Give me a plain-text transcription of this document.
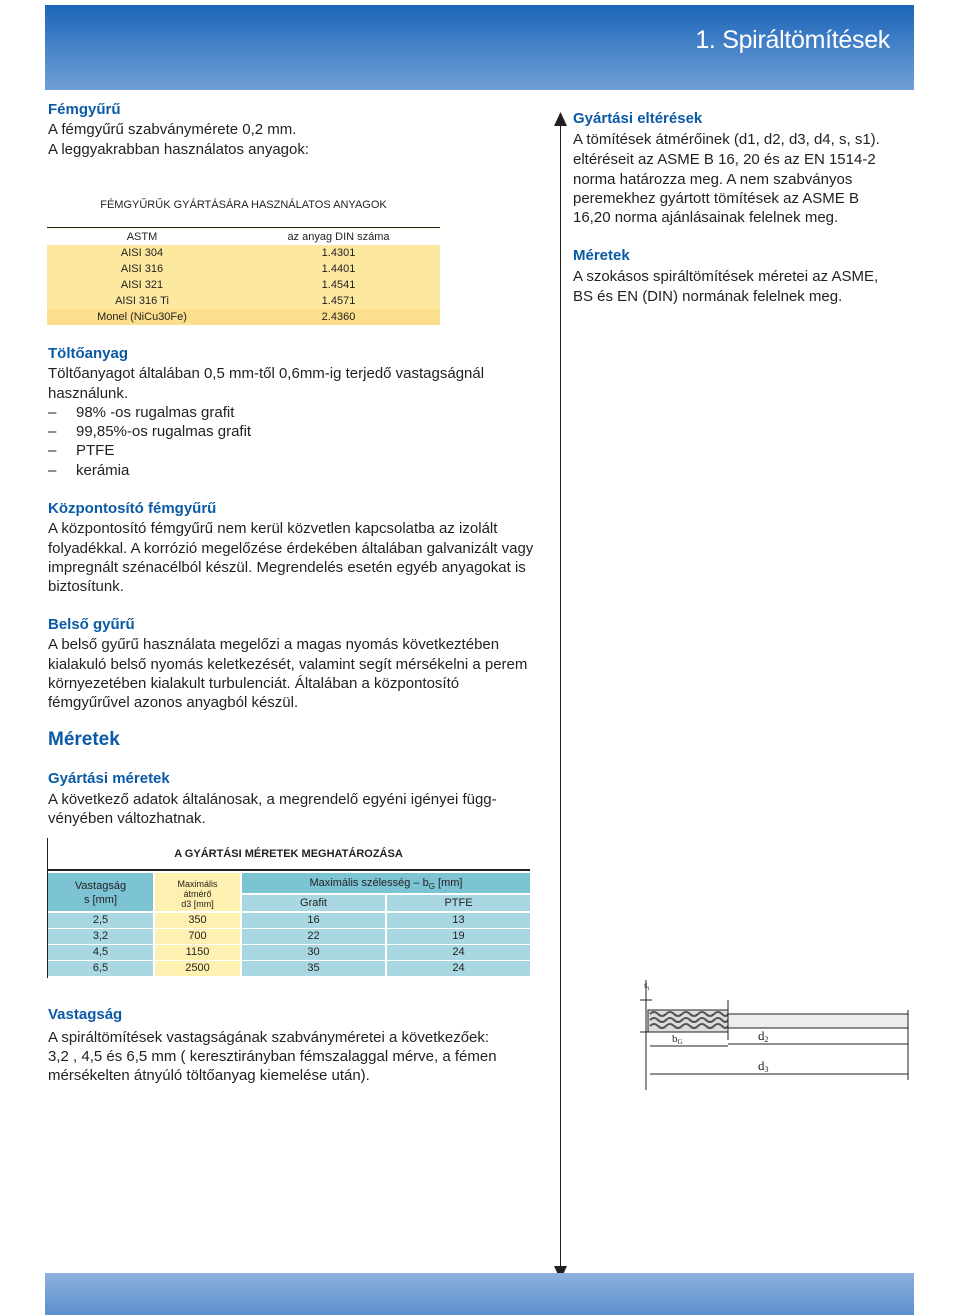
1. Spiráltömítések
Fémgyűrű
A fémgyűrű szabványmérete 0,2 mm.
A leggyakrabban használatos anyagok:
FÉMGYŰRŰK GYÁRTÁSÁRA HASZNÁLATOS ANYAGOK
ASTM	az anyag DIN száma
AISI 304	1.4301
AISI 316	1.4401
AISI 321	1.4541
AISI 316 Ti	1.4571
Monel (NiCu30Fe)	2.4360
Töltőanyag
Töltőanyagot általában 0,5 mm-től 0,6mm-ig terjedő vastagságnál
használunk.
– 98% -os rugalmas grafit
– 99,85%-os rugalmas grafit
– PTFE
– kerámia
Központosító fémgyűrű
A központosító fémgyűrű nem kerül közvetlen kapcsolatba az izolált
folyadékkal. A korrózió megelőzése érdekében általában galvanizált vagy
impregnált szénacélból készül. Megrendelés esetén egyéb anyagokat is
biztosítunk.
Belső gyűrű
A belső gyűrű használata megelőzi a magas nyomás következtében
kialakuló belső nyomás keletkezését, valamint segít mérsékelni a perem
környezetében kialakult turbulenciát. Általában a központosító
fémgyűrűvel azonos anyagból készül.
Méretek
Gyártási méretek
A következő adatok általánosak, a megrendelő egyéni igényei függ-
vényében változhatnak.
A GYÁRTÁSI MÉRETEK MEGHATÁROZÁSA
Vastagság
s [mm]
Maximális
átmérő
d3 [mm]
Maximális szélesség – $b_G$ [mm]
Grafit	PTFE
2,5	350	16	13
3,2	700	22	19
4,5	1150	30	24
6,5	2500	35	24
Vastagság
A spiráltömítések vastagságának szabványméretei a következőek:
3,2 , 4,5 és 6,5 mm ( keresztirányban fémszalaggal mérve, a fémen
mérsékelten átnyúló töltőanyag kiemelése után).
Gyártási eltérések
A tömítések átmérőinek (d1, d2, d3, d4, s, s1).
eltéréseit az ASME B 16, 20 és az EN 1514-2
norma határozza meg. A nem szabványos
peremekhez gyártott tömítések az ASME B
16,20 norma ajánlásainak felelnek meg.
Méretek
A szokásos spiráltömítések méretei az ASME,
BS és EN (DIN) normának felelnek meg.
$s_t$
bG	d2
d3
5
